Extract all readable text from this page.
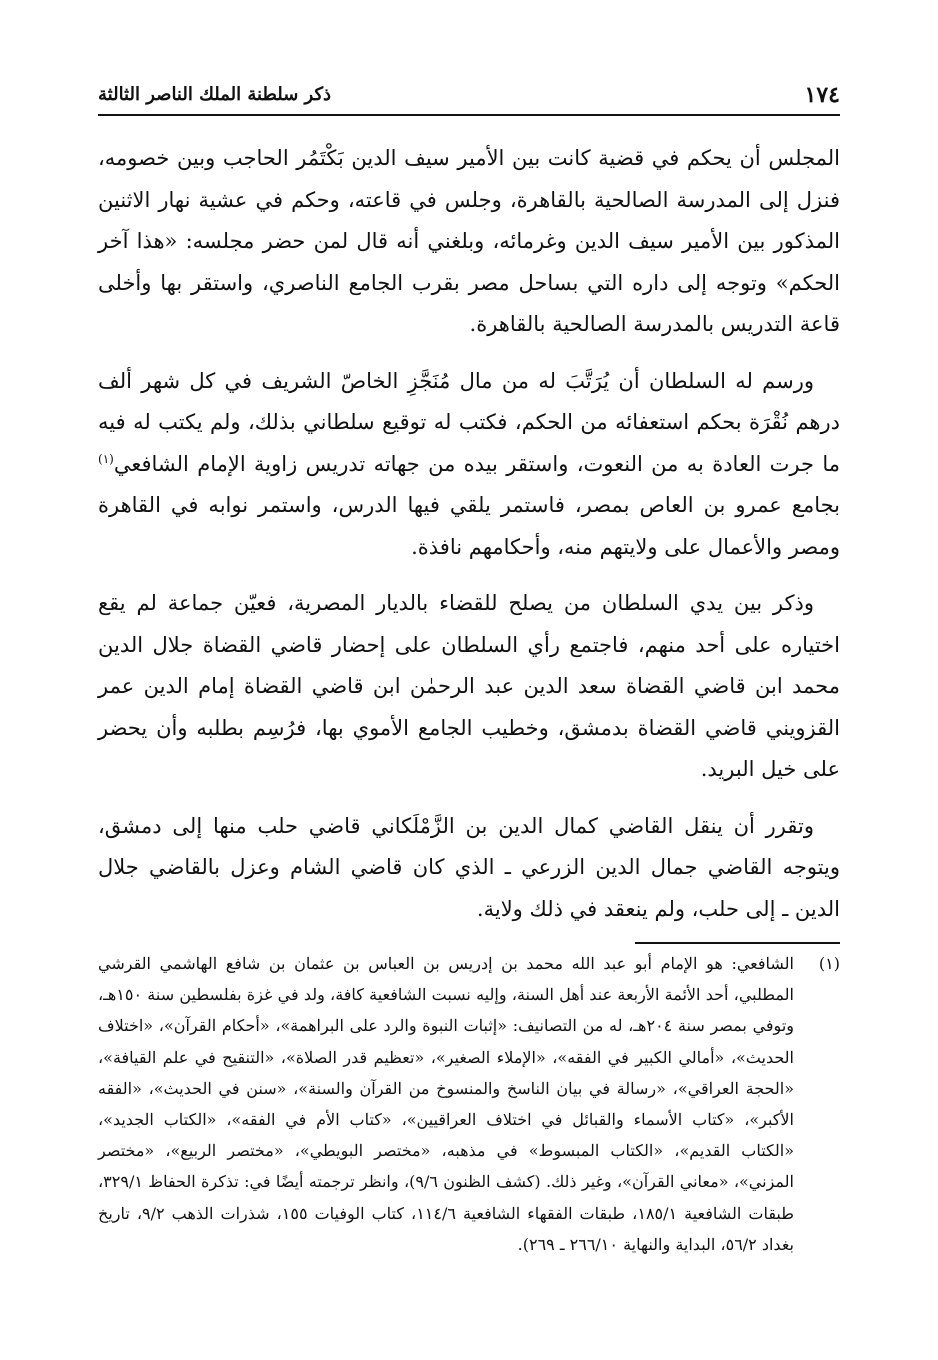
١٧٤
ذكر سلطنة الملك الناصر الثالثة

المجلس أن يحكم في قضية كانت بين الأمير سيف الدين بَكْتَمُر الحاجب وبين خصومه، فنزل إلى المدرسة الصالحية بالقاهرة، وجلس في قاعته، وحكم في عشية نهار الاثنين المذكور بين الأمير سيف الدين وغرمائه، وبلغني أنه قال لمن حضر مجلسه: «هذا آخر الحكم» وتوجه إلى داره التي بساحل مصر بقرب الجامع الناصري، واستقر بها وأخلى قاعة التدريس بالمدرسة الصالحية بالقاهرة.

ورسم له السلطان أن يُرَتَّبَ له من مال مُنَجَّزِ الخاصّ الشريف في كل شهر ألف درهم نُقْرَة بحكم استعفائه من الحكم، فكتب له توقيع سلطاني بذلك، ولم يكتب له فيه ما جرت العادة به من النعوت، واستقر بيده من جهاته تدريس زاوية الإمام الشافعي$^{(١)}$ بجامع عمرو بن العاص بمصر، فاستمر يلقي فيها الدرس، واستمر نوابه في القاهرة ومصر والأعمال على ولايتهم منه، وأحكامهم نافذة.

وذكر بين يدي السلطان من يصلح للقضاء بالديار المصرية، فعيّن جماعة لم يقع اختياره على أحد منهم، فاجتمع رأي السلطان على إحضار قاضي القضاة جلال الدين محمد ابن قاضي القضاة سعد الدين عبد الرحمٰن ابن قاضي القضاة إمام الدين عمر القزويني قاضي القضاة بدمشق، وخطيب الجامع الأموي بها، فرُسِم بطلبه وأن يحضر على خيل البريد.

وتقرر أن ينقل القاضي كمال الدين بن الزَّمْلَكاني قاضي حلب منها إلى دمشق، ويتوجه القاضي جمال الدين الزرعي ـ الذي كان قاضي الشام وعزل بالقاضي جلال الدين ـ إلى حلب، ولم ينعقد في ذلك ولاية.

(١)

الشافعي: هو الإمام أبو عبد الله محمد بن إدريس بن العباس بن عثمان بن شافع الهاشمي القرشي المطلبي، أحد الأئمة الأربعة عند أهل السنة، وإليه نسبت الشافعية كافة، ولد في غزة بفلسطين سنة ١٥٠هـ، وتوفي بمصر سنة ٢٠٤هـ، له من التصانيف: «إثبات النبوة والرد على البراهمة»، «أحكام القرآن»، «اختلاف الحديث»، «أمالي الكبير في الفقه»، «الإملاء الصغير»، «تعظيم قدر الصلاة»، «التنقيح في علم القيافة»، «الحجة العراقي»، «رسالة في بيان الناسخ والمنسوخ من القرآن والسنة»، «سنن في الحديث»، «الفقه الأكبر»، «كتاب الأسماء والقبائل في اختلاف العراقيين»، «كتاب الأم في الفقه»، «الكتاب الجديد»، «الكتاب القديم»، «الكتاب المبسوط» في مذهبه، «مختصر البويطي»، «مختصر الربيع»، «مختصر المزني»، «معاني القرآن»، وغير ذلك. (كشف الظنون ٩/٦)، وانظر ترجمته أيضًا في: تذكرة الحفاظ ٣٢٩/١، طبقات الشافعية ١٨٥/١، طبقات الفقهاء الشافعية ١١٤/٦، كتاب الوفيات ١٥٥، شذرات الذهب ٩/٢، تاريخ بغداد ٥٦/٢، البداية والنهاية ٢٦٦/١٠ ـ ٢٦٩).
